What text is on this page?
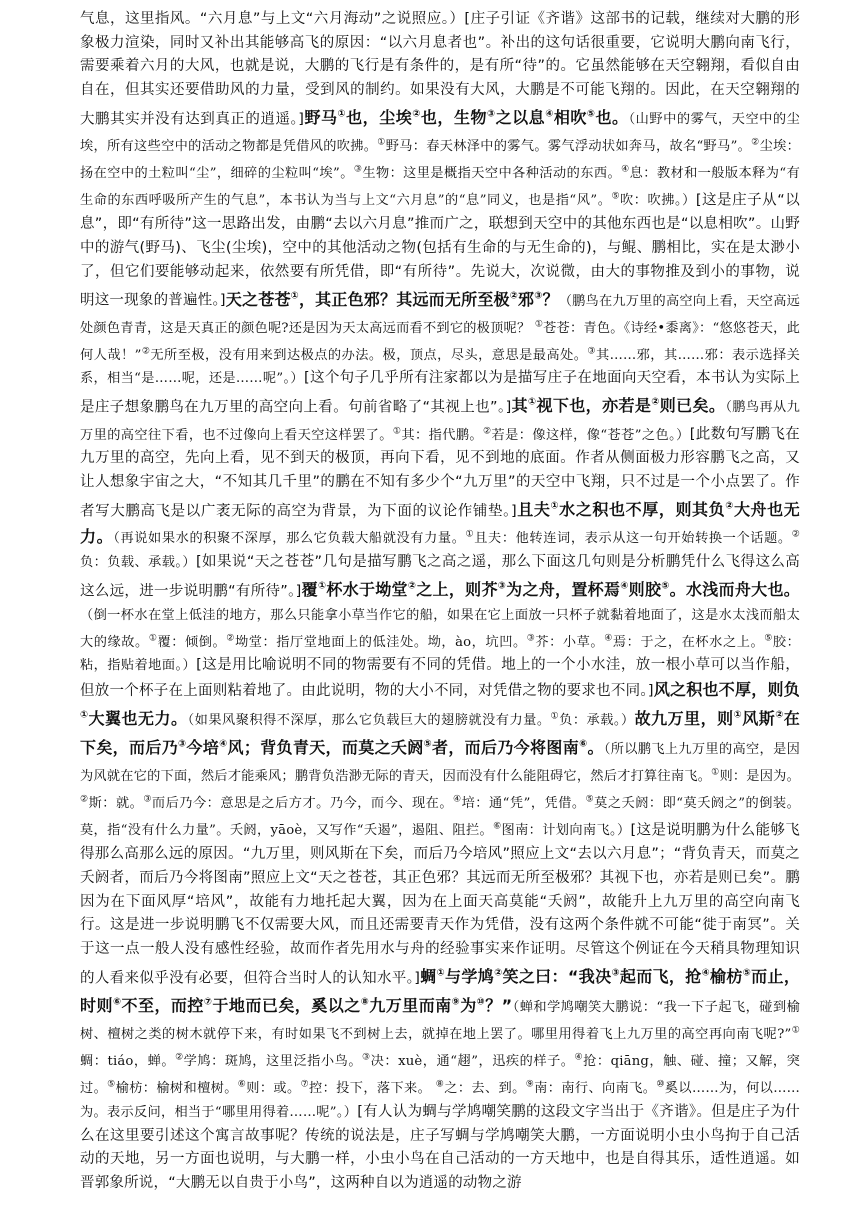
气息，这里指风。“六月息”与上文“六月海动”之说照应。）[庄子引证《齐谐》这部书的记载，继续对大鹏的形象极力渲染，同时又补出其能够高飞的原因：“以六月息者也”。补出的这句话很重要，它说明大鹏向南飞行，需要乘着六月的大风，也就是说，大鹏的飞行是有条件的，是有所“待”的。它虽然能够在天空翱翔，看似自由自在，但其实还要借助风的力量，受到风的制约。如果没有大风，大鹏是不可能飞翔的。因此，在天空翱翔的大鹏其实并没有达到真正的逍遥。]野马①也，尘埃②也，生物③之以息④相吹⑤也。（山野中的雾气，天空中的尘埃，所有这些空中的活动之物都是凭借风的吹拂。①野马：春天林泽中的雾气。雾气浮动状如奔马，故名“野马”。②尘埃：扬在空中的土粒叫“尘”，细碎的尘粒叫“埃”。③生物：这里是概指天空中各种活动的东西。④息：教材和一般版本释为“有生命的东西呼吸所产生的气息”，本书认为当与上文“六月息”的“息”同义，也是指“风”。⑤吹：吹拂。）[这是庄子从“以息”，即“有所待”这一思路出发，由鹏“去以六月息”推而广之，联想到天空中的其他东西也是“以息相吹”。山野中的游气(野马)、飞尘(尘埃)，空中的其他活动之物(包括有生命的与无生命的)，与鲲、鹏相比，实在是太渺小了，但它们要能够动起来，依然要有所凭借，即“有所待”。先说大，次说微，由大的事物推及到小的事物，说明这一现象的普遍性。]天之苍苍①，其正色邪？其远而无所至极②邪③？（鹏鸟在九万里的高空向上看，天空高远处颜色青青，这是天真正的颜色呢?还是因为天太高远而看不到它的极顶呢？ ①苍苍：青色。《诗经•黍离》：“悠悠苍天，此何人哉！”②无所至极，没有用来到达极点的办法。极，顶点，尽头，意思是最高处。③其……邪，其……邪：表示选择关系，相当“是……呢，还是……呢”。）[这个句子几乎所有注家都以为是描写庄子在地面向天空看，本书认为实际上是庄子想象鹏鸟在九万里的高空向上看。句前省略了“其视上也”。]其①视下也，亦若是②则已矣。（鹏鸟再从九万里的高空往下看，也不过像向上看天空这样罢了。①其：指代鹏。②若是：像这样，像“苍苍”之色。）[此数句写鹏飞在九万里的高空，先向上看，见不到天的极顶，再向下看，见不到地的底面。作者从侧面极力形容鹏飞之高，又让人想象宇宙之大，“不知其几千里”的鹏在不知有多少个“九万里”的天空中飞翔，只不过是一个小点罢了。作者写大鹏高飞是以广袤无际的高空为背景，为下面的议论作铺垫。]且夫①水之积也不厚，则其负②大舟也无力。（再说如果水的积聚不深厚，那么它负载大船就没有力量。①且夫：他转连词，表示从这一句开始转换一个话题。②负：负载、承载。）[如果说“天之苍苍”几句是描写鹏飞之高之遥，那么下面这几句则是分析鹏凭什么飞得这么高这么远，进一步说明鹏“有所待”。]覆①杯水于坳堂②之上，则芥③为之舟，置杯焉④则胶⑤。水浅而舟大也。（倒一杯水在堂上低洼的地方，那么只能拿小草当作它的船，如果在它上面放一只杯子就黏着地面了，这是水太浅而船太大的缘故。①覆：倾倒。②坳堂：指厅堂地面上的低洼处。坳，ào，坑凹。③芥：小草。④焉：于之，在杯水之上。⑤胶：粘，指贴着地面。）[这是用比喻说明不同的物需要有不同的凭借。地上的一个小水洼，放一根小草可以当作船，但放一个杯子在上面则粘着地了。由此说明，物的大小不同，对凭借之物的要求也不同。]风之积也不厚，则负①大翼也无力。（如果风聚积得不深厚，那么它负载巨大的翅膀就没有力量。①负：承载。）故九万里，则①风斯②在下矣，而后乃③今培④风；背负青天，而莫之夭阏⑤者，而后乃今将图南⑥。（所以鹏飞上九万里的高空，是因为风就在它的下面，然后才能乘风；鹏背负浩渺无际的青天，因而没有什么能阻碍它，然后才打算往南飞。①则：是因为。②斯：就。③而后乃今：意思是之后方才。乃今，而今、现在。④培：通“凭”，凭借。⑤莫之夭阏：即“莫夭阏之”的倒装。莫，指“没有什么力量”。夭阏，yāoè，又写作“夭遏”，遏阻、阻拦。⑥图南：计划向南飞。）[这是说明鹏为什么能够飞得那么高那么远的原因。“九万里，则风斯在下矣，而后乃今培风”照应上文“去以六月息”；“背负青天，而莫之夭阏者，而后乃今将图南”照应上文“天之苍苍，其正色邪？其远而无所至极邪？其视下也，亦若是则已矣”。鹏因为在下面风厚“培风”，故能有力地托起大翼，因为在上面天高莫能“夭阏”，故能升上九万里的高空向南飞行。这是进一步说明鹏飞不仅需要大风，而且还需要青天作为凭借，没有这两个条件就不可能“徙于南冥”。关于这一点一般人没有感性经验，故而作者先用水与舟的经验事实来作证明。尽管这个例证在今天稍具物理知识的人看来似乎没有必要，但符合当时人的认知水平。]蜩①与学鸠②笑之曰：“我决③起而飞，抢④榆枋⑤而止，时则⑥不至，而控⑦于地而已矣，奚以之⑧九万里而南⑨为⑩？”（蝉和学鸠嘲笑大鹏说：“我一下子起飞，碰到榆树、檀树之类的树木就停下来，有时如果飞不到树上去，就掉在地上罢了。哪里用得着飞上九万里的高空再向南飞呢?”①蜩：tiáo，蝉。②学鸠：斑鸠，这里泛指小鸟。③决：xuè，通“趐”，迅疾的样子。④抢：qiāng，触、碰、撞；又解，突过。⑤榆枋：榆树和檀树。⑥则：或。⑦控：投下，落下来。 ⑧之：去、到。⑨南：南行、向南飞。⑩奚以……为，何以……为。表示反问，相当于“哪里用得着……呢”。）[有人认为蜩与学鸠嘲笑鹏的这段文字当出于《齐谐》。但是庄子为什么在这里要引述这个寓言故事呢？传统的说法是，庄子写蜩与学鸠嘲笑大鹏，一方面说明小虫小鸟拘于自己活动的天地，另一方面也说明，与大鹏一样，小虫小鸟在自己活动的一方天地中，也是自得其乐，适性逍遥。如晋郭象所说，“大鹏无以自贵于小鸟”，这两种自以为逍遥的动物之游
